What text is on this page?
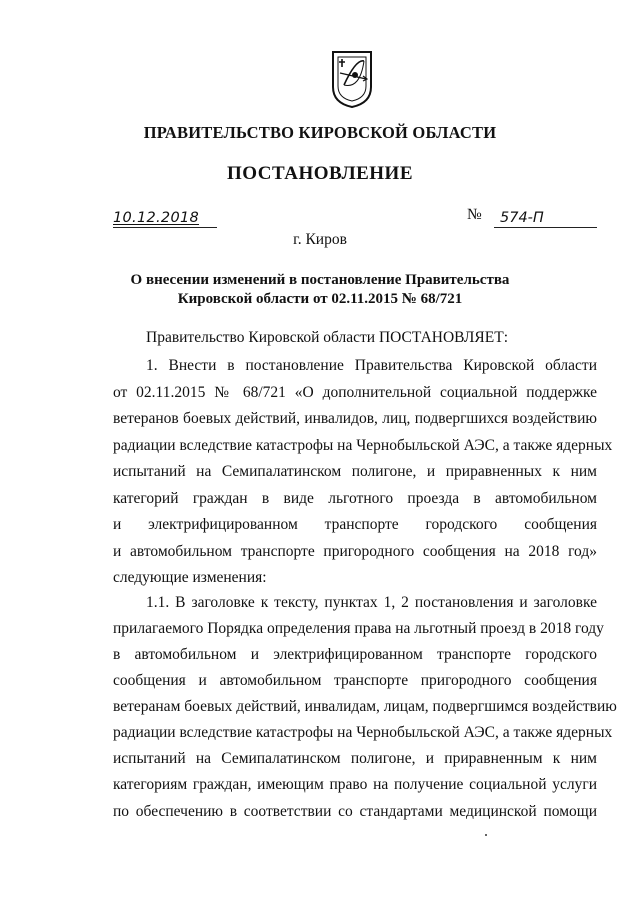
ПРАВИТЕЛЬСТВО КИРОВСКОЙ ОБЛАСТИ
ПОСТАНОВЛЕНИЕ
10.12.2018	№ 574-П
г. Киров
О внесении изменений в постановление Правительства
Кировской области от 02.11.2015 № 68/721
Правительство Кировской области ПОСТАНОВЛЯЕТ:
1. Внести в постановление Правительства Кировской области
от 02.11.2015 № 68/721 «О дополнительной социальной поддержке
ветеранов боевых действий, инвалидов, лиц, подвергшихся воздействию
радиации вследствие катастрофы на Чернобыльской АЭС, а также ядерных
испытаний на Семипалатинском полигоне, и приравненных к ним
категорий граждан в виде льготного проезда в автомобильном
и электрифицированном транспорте городского сообщения
и автомобильном транспорте пригородного сообщения на 2018 год»
следующие изменения:
1.1. В заголовке к тексту, пунктах 1, 2 постановления и заголовке
прилагаемого Порядка определения права на льготный проезд в 2018 году
в автомобильном и электрифицированном транспорте городского
сообщения и автомобильном транспорте пригородного сообщения
ветеранам боевых действий, инвалидам, лицам, подвергшимся воздействию
радиации вследствие катастрофы на Чернобыльской АЭС, а также ядерных
испытаний на Семипалатинском полигоне, и приравненным к ним
категориям граждан, имеющим право на получение социальной услуги
по обеспечению в соответствии со стандартами медицинской помощи
